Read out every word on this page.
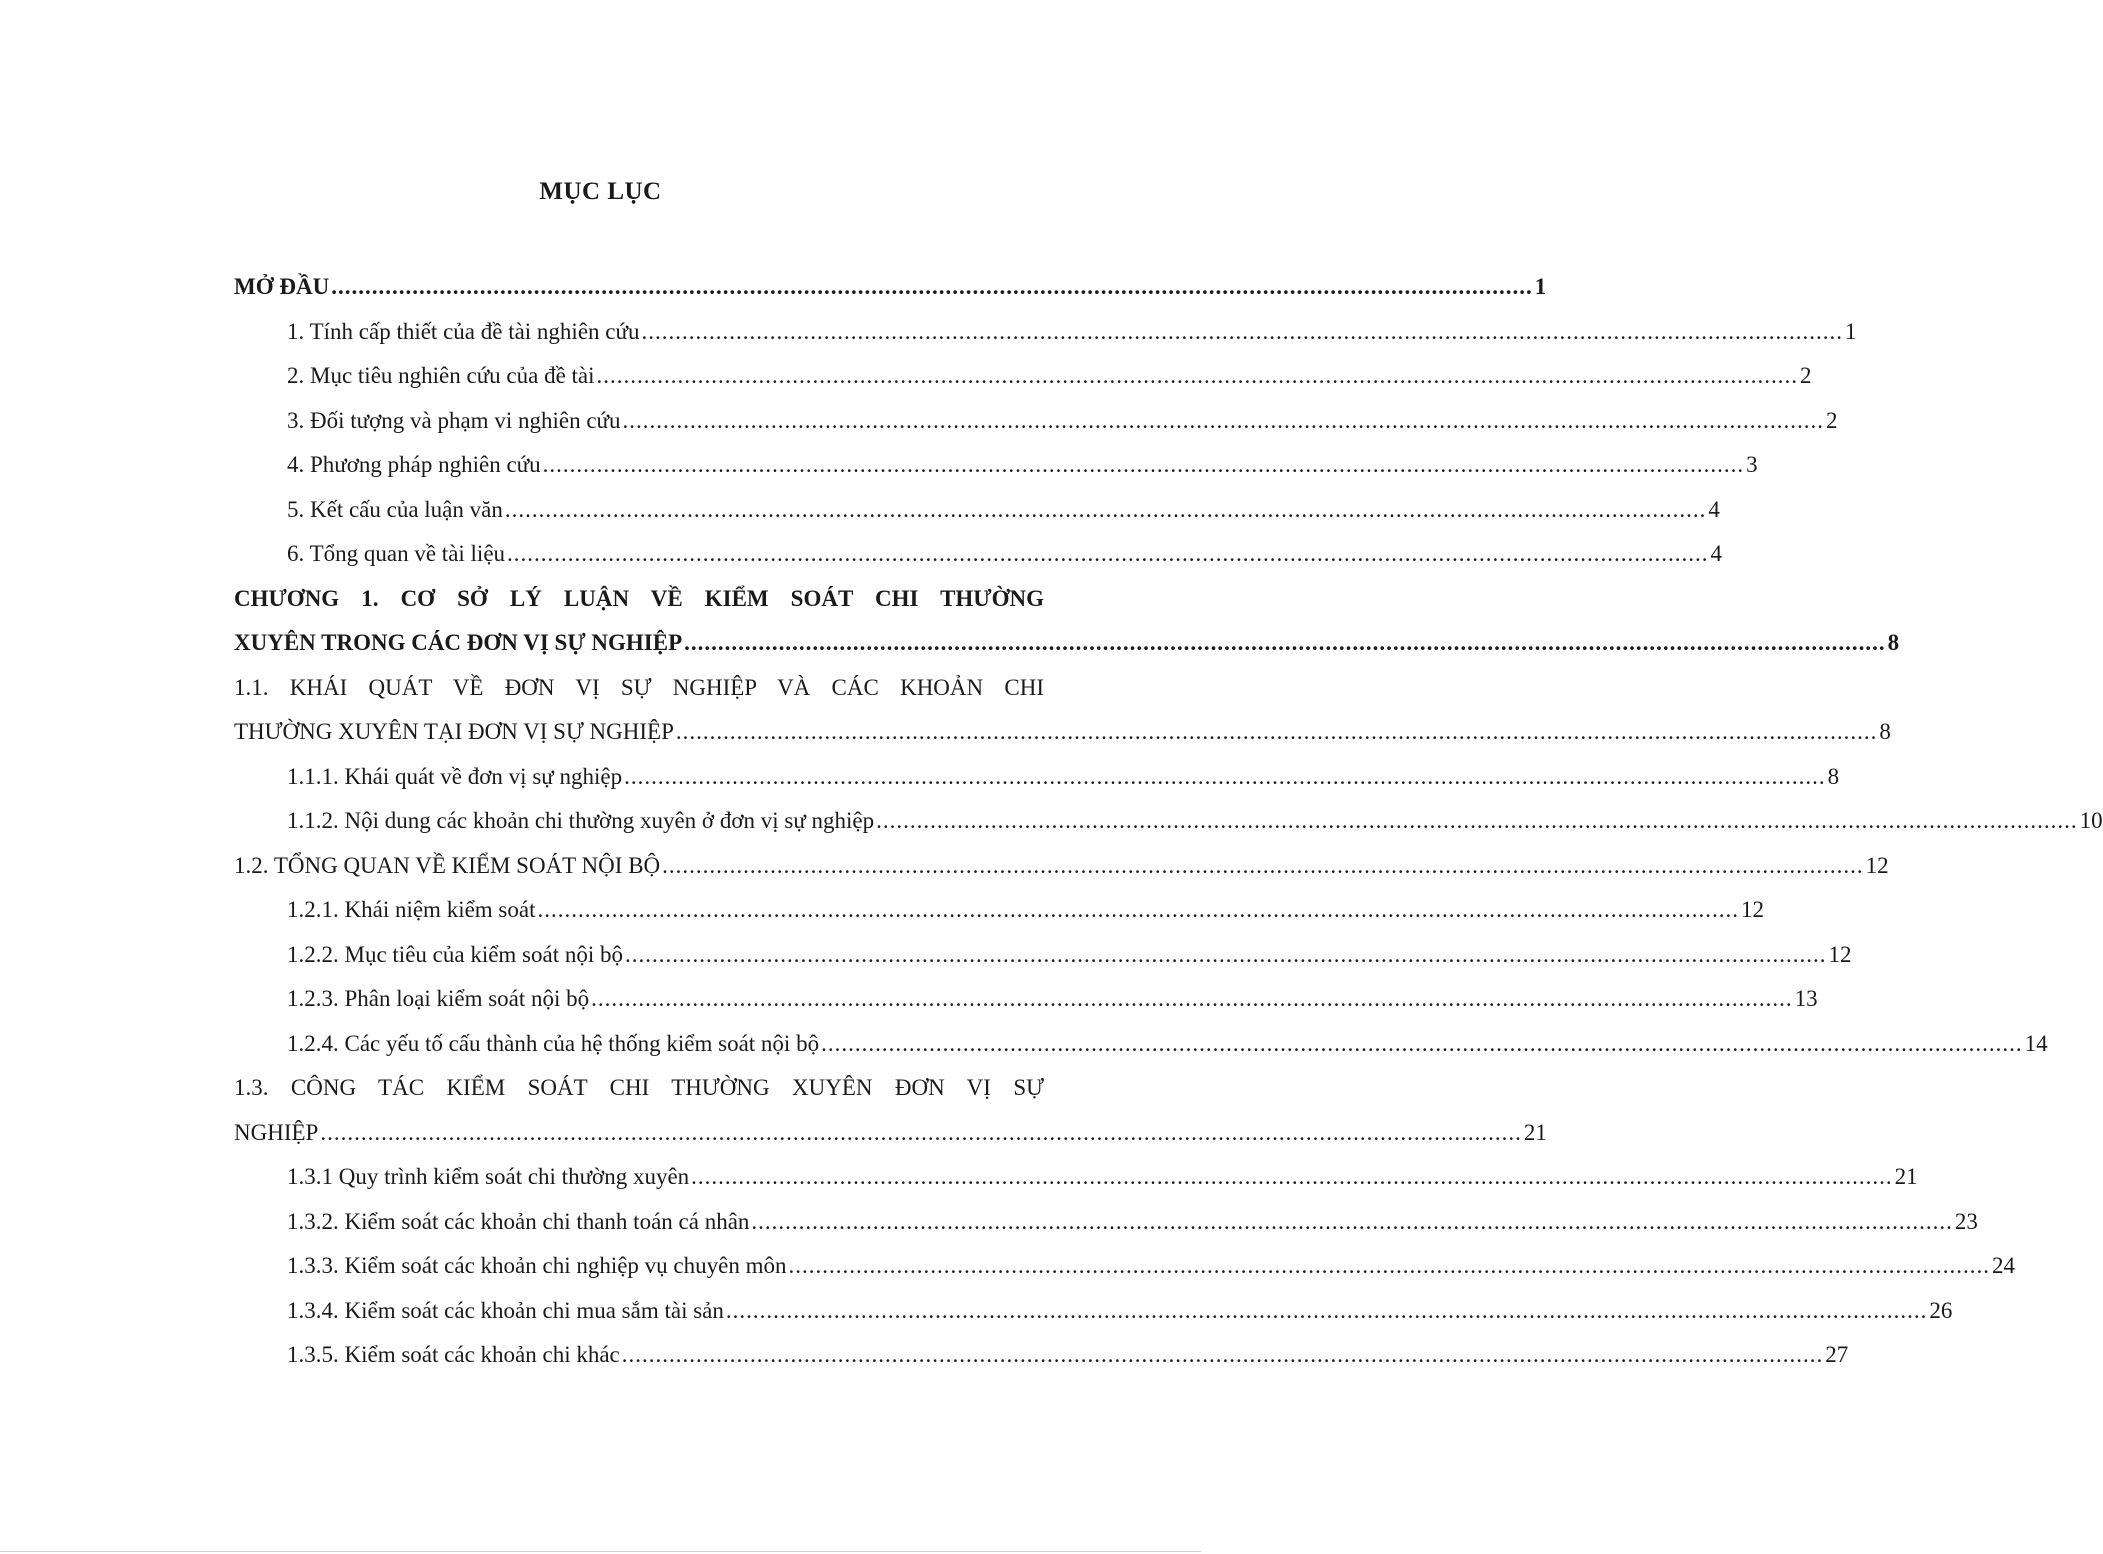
MỤC LỤC
MỞ ĐẦU .................................................................................................................................................................................. 1
1. Tính cấp thiết của đề tài nghiên cứu .................................................................................................................................................................................. 1
2. Mục tiêu nghiên cứu của đề tài .................................................................................................................................................................................. 2
3. Đối tượng và phạm vi nghiên cứu .................................................................................................................................................................................. 2
4. Phương pháp nghiên cứu .................................................................................................................................................................................. 3
5. Kết cấu của luận văn .................................................................................................................................................................................. 4
6. Tổng quan về tài liệu .................................................................................................................................................................................. 4
CHƯƠNG 1. CƠ SỞ LÝ LUẬN VỀ KIỂM SOÁT CHI THƯỜNG
XUYÊN TRONG CÁC ĐƠN VỊ SỰ NGHIỆP .................................................................................................................................................................................. 8
1.1. KHÁI QUÁT VỀ ĐƠN VỊ SỰ NGHIỆP VÀ CÁC KHOẢN CHI
THƯỜNG XUYÊN TẠI ĐƠN VỊ SỰ NGHIỆP .................................................................................................................................................................................. 8
1.1.1. Khái quát về đơn vị sự nghiệp .................................................................................................................................................................................. 8
1.1.2. Nội dung các khoản chi thường xuyên ở đơn vị sự nghiệp .................................................................................................................................................................................. 10
1.2. TỔNG QUAN VỀ KIỂM SOÁT NỘI BỘ .................................................................................................................................................................................. 12
1.2.1. Khái niệm kiểm soát .................................................................................................................................................................................. 12
1.2.2. Mục tiêu của kiểm soát nội bộ .................................................................................................................................................................................. 12
1.2.3. Phân loại kiểm soát nội bộ .................................................................................................................................................................................. 13
1.2.4. Các yếu tố cấu thành của hệ thống kiểm soát nội bộ .................................................................................................................................................................................. 14
1.3. CÔNG TÁC KIỂM SOÁT CHI THƯỜNG XUYÊN ĐƠN VỊ SỰ
NGHIỆP .................................................................................................................................................................................. 21
1.3.1 Quy trình kiểm soát chi thường xuyên .................................................................................................................................................................................. 21
1.3.2. Kiểm soát các khoản chi thanh toán cá nhân .................................................................................................................................................................................. 23
1.3.3. Kiểm soát các khoản chi nghiệp vụ chuyên môn .................................................................................................................................................................................. 24
1.3.4. Kiểm soát các khoản chi mua sắm tài sản .................................................................................................................................................................................. 26
1.3.5. Kiểm soát các khoản chi khác .................................................................................................................................................................................. 27
